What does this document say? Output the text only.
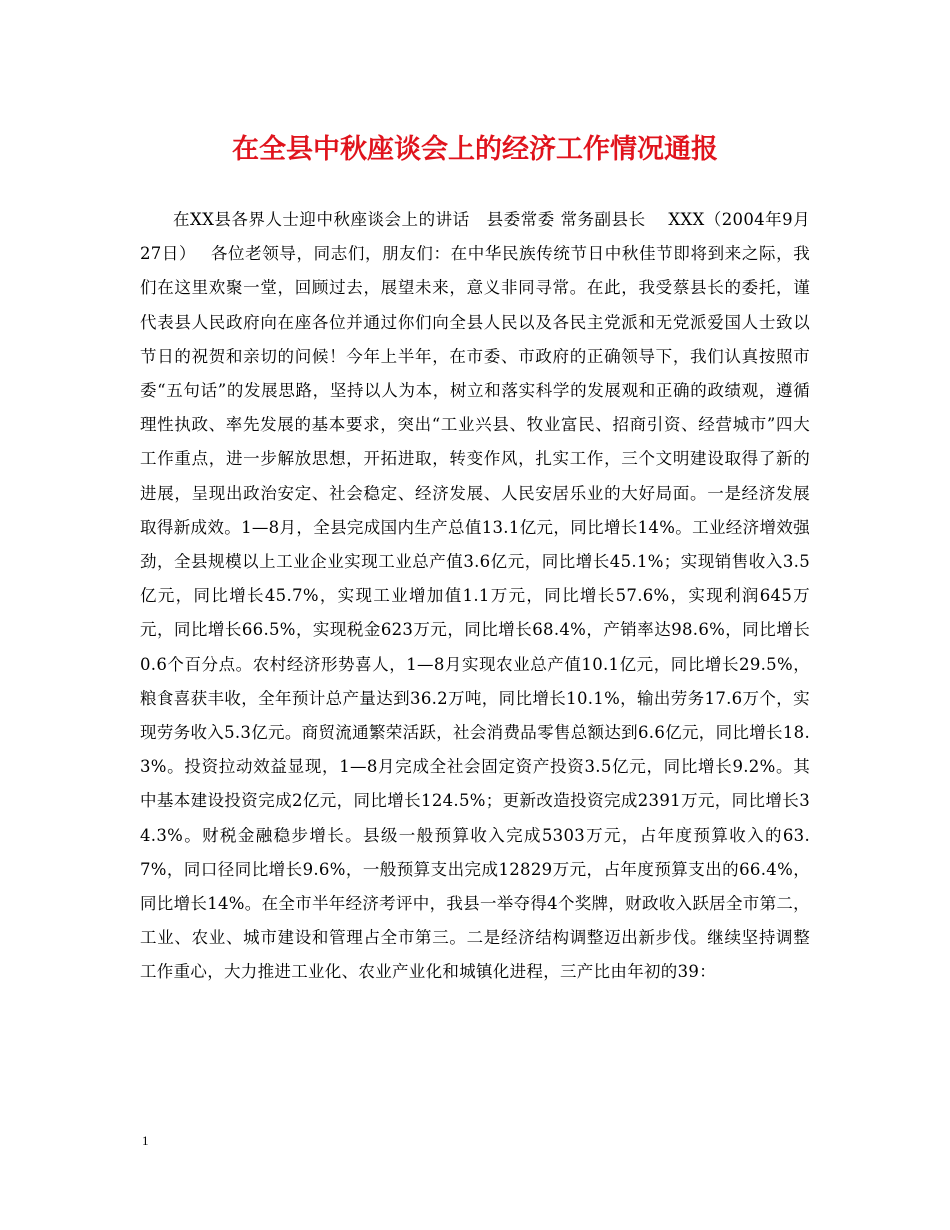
在全县中秋座谈会上的经济工作情况通报

在XX县各界人士迎中秋座谈会上的讲话　县委常委 常务副县长　 XXX（2004年9月27日）　 各位老领导，同志们，朋友们：在中华民族传统节日中秋佳节即将到来之际，我们在这里欢聚一堂，回顾过去，展望未来，意义非同寻常。在此，我受蔡县长的委托，谨代表县人民政府向在座各位并通过你们向全县人民以及各民主党派和无党派爱国人士致以节日的祝贺和亲切的问候！今年上半年，在市委、市政府的正确领导下，我们认真按照市委“五句话”的发展思路，坚持以人为本，树立和落实科学的发展观和正确的政绩观，遵循理性执政、率先发展的基本要求，突出“工业兴县、牧业富民、招商引资、经营城市”四大工作重点，进一步解放思想，开拓进取，转变作风，扎实工作，三个文明建设取得了新的进展，呈现出政治安定、社会稳定、经济发展、人民安居乐业的大好局面。一是经济发展取得新成效。1—8月，全县完成国内生产总值13.1亿元，同比增长14%。工业经济增效强劲，全县规模以上工业企业实现工业总产值3.6亿元，同比增长45.1%；实现销售收入3.5亿元，同比增长45.7%，实现工业增加值1.1万元，同比增长57.6%，实现利润645万元，同比增长66.5%，实现税金623万元，同比增长68.4%，产销率达98.6%，同比增长0.6个百分点。农村经济形势喜人，1—8月实现农业总产值10.1亿元，同比增长29.5%，粮食喜获丰收，全年预计总产量达到36.2万吨，同比增长10.1%，输出劳务17.6万个，实现劳务收入5.3亿元。商贸流通繁荣活跃，社会消费品零售总额达到6.6亿元，同比增长18.3%。投资拉动效益显现，1—8月完成全社会固定资产投资3.5亿元，同比增长9.2%。其中基本建设投资完成2亿元，同比增长124.5%；更新改造投资完成2391万元，同比增长34.3%。财税金融稳步增长。县级一般预算收入完成5303万元，占年度预算收入的63.7%，同口径同比增长9.6%，一般预算支出完成12829万元，占年度预算支出的66.4%，同比增长14%。在全市半年经济考评中，我县一举夺得4个奖牌，财政收入跃居全市第二，工业、农业、城市建设和管理占全市第三。二是经济结构调整迈出新步伐。继续坚持调整工作重心，大力推进工业化、农业产业化和城镇化进程，三产比由年初的39：

1
